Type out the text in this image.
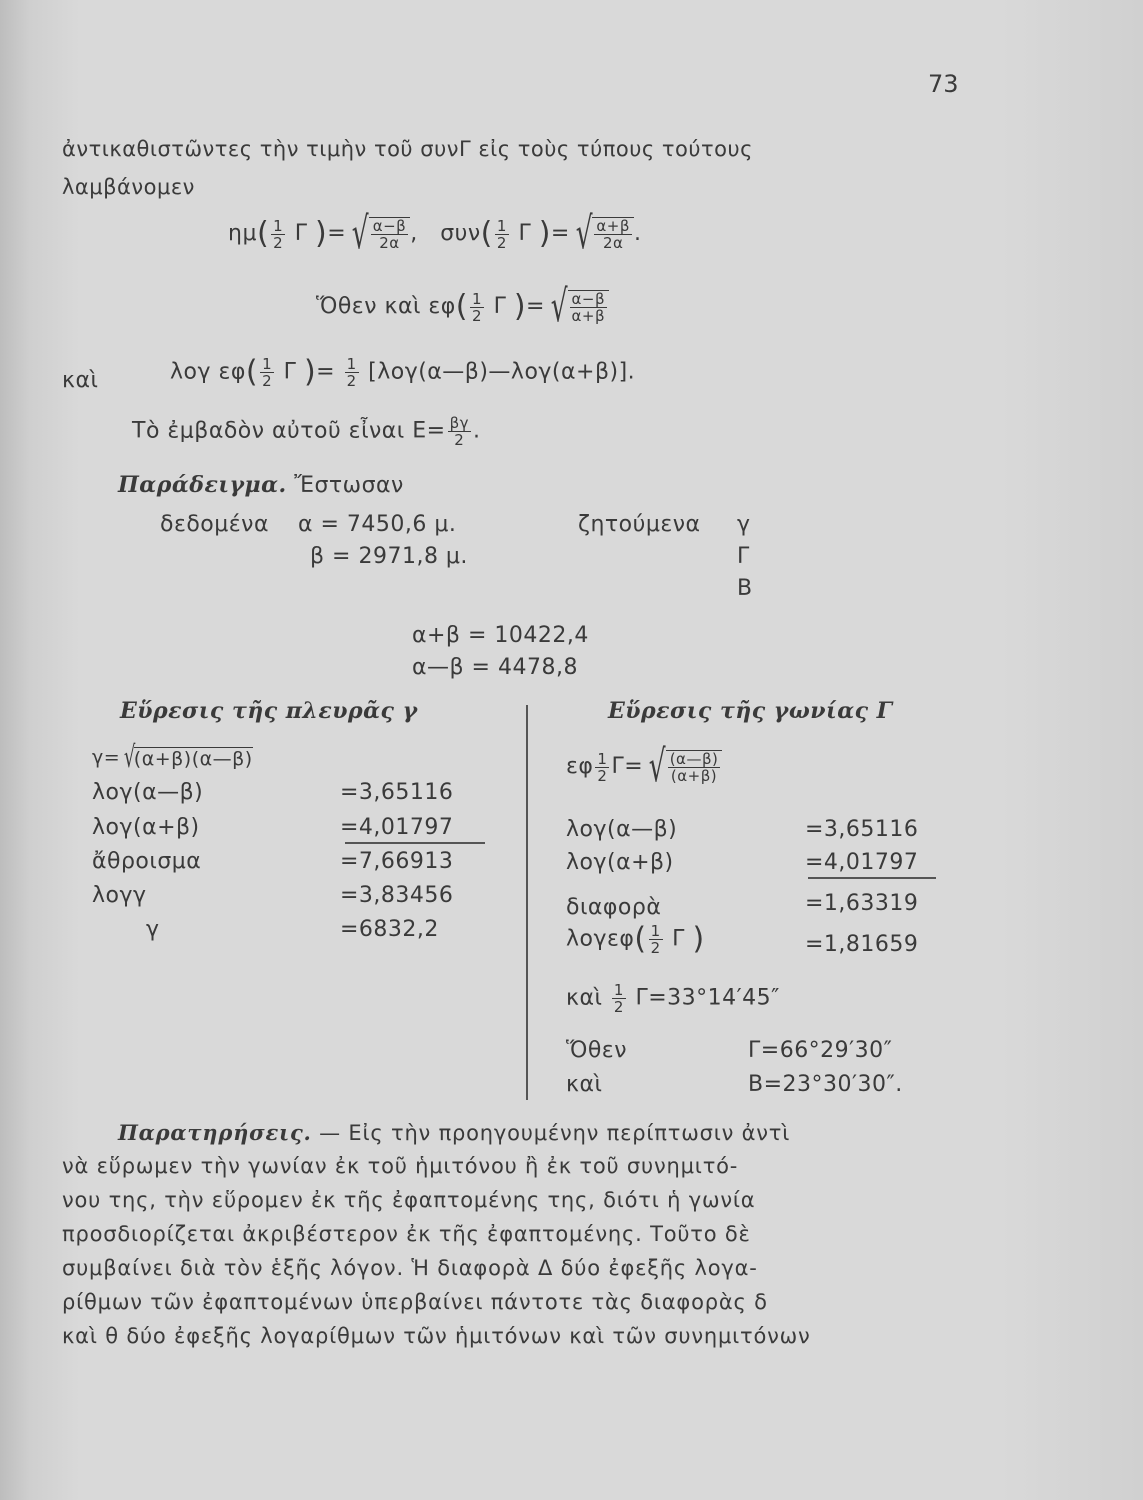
73
ἀντικαθιστῶντες τὴν τιμὴν τοῦ συνΓ εἰς τοὺς τύπους τούτους
λαμβάνομεν
$\eta\mu( \frac{1}{2}$ Γ )= √ α−β
2α ,   $\sigma\upsilon\nu( \frac{1}{2}$ Γ )= √ α+β
2α .
Ὅθεν καὶ $\varepsilon\varphi( \frac{1}{2}$ Γ )= √ α−β
α+β
καὶ	λογ $\varepsilon\varphi( \frac{1}{2}$ Γ )= $\frac{1}{2}$ [λογ(α—β)—λογ(α+β)].
Τὸ ἐμβαδὸν αὐτοῦ εἶναι $E= \frac{\beta\gamma}{2}$ .
Παράδειγμα. Ἔστωσαν
δεδομένα α = 7450,6 μ.
β = 2971,8 μ.
ζητούμενα γ
Γ
Β
α+β = 10422,4
α—β = 4478,8
Εὕρεσις τῆς πλευρᾶς γ
γ= √
(α+β)(α—β)
λογ(α—β)	=3,65116
λογ(α+β)	=4,01797
ἄθροισμα	=7,66913
λογγ	=3,83456
γ	=6832,2
Εὕρεσις τῆς γωνίας Γ
εφ $\frac{1}{2} \Gamma=$ √ (α—β)
(α+β)
λογ(α—β)	=3,65116
λογ(α+β)	=4,01797
διαφορὰ	=1,63319
$\lambda o\gamma\varepsilon\varphi( \frac{1}{2}$ Γ )	=1,81659
καὶ $\frac{1}{2} \Gamma=33^\circ 14'45''$
Ὅθεν	Γ=66°29′30″
καὶ	Β=23°30′30″.
Παρατηρήσεις. — Εἰς τὴν προηγουμένην περίπτωσιν ἀντὶ
νὰ εὕρωμεν τὴν γωνίαν ἐκ τοῦ ἡμιτόνου ἢ ἐκ τοῦ συνημιτό-
νου της, τὴν εὕρομεν ἐκ τῆς ἐφαπτομένης της, διότι ἡ γωνία
προσδιορίζεται ἀκριβέστερον ἐκ τῆς ἐφαπτομένης. Τοῦτο δὲ
συμβαίνει διὰ τὸν ἑξῆς λόγον. Ἡ διαφορὰ Δ δύο ἐφεξῆς λογα-
ρίθμων τῶν ἐφαπτομένων ὑπερβαίνει πάντοτε τὰς διαφορὰς δ
καὶ θ δύο ἐφεξῆς λογαρίθμων τῶν ἡμιτόνων καὶ τῶν συνημιτόνων
